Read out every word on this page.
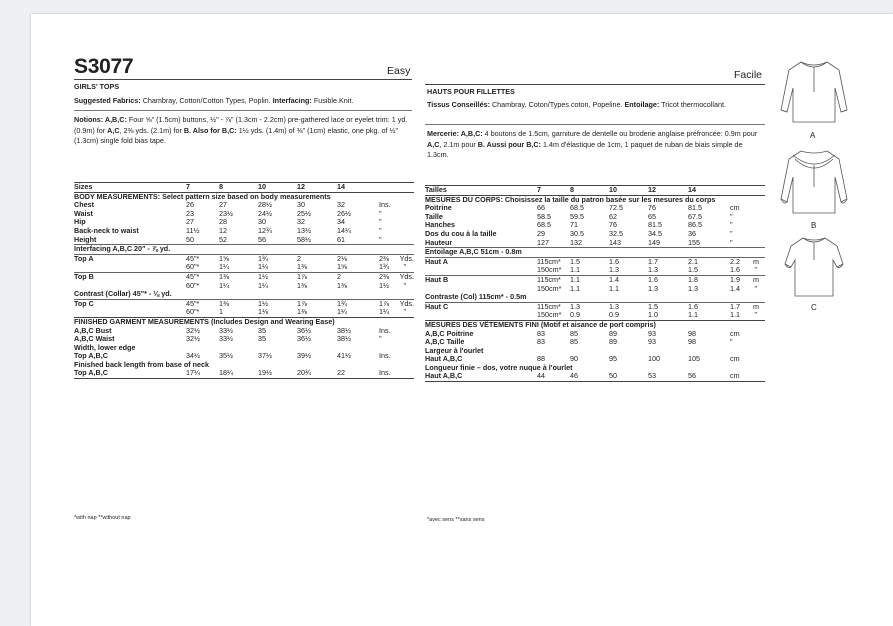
S3077	Easy
GIRLS' TOPS
Suggested Fabrics: Chambray, Cotton/Cotton Types, Poplin. Interfacing: Fusible Knit.
Notions: A,B,C: Four ⅝" (1.5cm) buttons, ½" - ⅞" (1.3cm - 2.2cm) pre-gathered lace or eyelet trim: 1 yd. (0.9m) for A,C, 2⅜ yds. (2.1m) for B. Also for B,C: 1½ yds. (1.4m) of ⅜" (1cm) elastic, one pkg. of ½" (1.3cm) single fold bias tape.
Sizes	7	8	10	12	14	
BODY MEASUREMENTS: Select pattern size based on body measurements						
Chest	26	27	28½	30	32	Ins.
Waist	23	23½	24½	25½	26½	"
Hip	27	28	30	32	34	"
Back-neck to waist	11½	12	12¾	13½	14¼	"
Height	50	52	56	58½	61	"
Interfacing A,B,C 20" - ⅞ yd.						
Top A	45"*	1⅝	1¾	2	2⅛	2⅜ Yds.

	60"*	1¼	1¼	1⅜	1⅝	1¾ "

Top B	45"*	1⅜	1½	1⅞	2	2⅜ Yds.

	60"*	1¼	1¼	1⅜	1⅜	1½ "

Contrast (Collar) 45"* - ⅛ yd.						
Top C	45"*	1⅜	1½	1⅞	1¾	1⅞ Yds.

	60"*	1	1⅛	1⅜	1¼	1¼ "

FINISHED GARMENT MEASUREMENTS (Includes Design and Wearing Ease)						
A,B,C Bust	32½	33½	35	36½	38½	Ins.
A,B,C Waist	32½	33½	35	36½	38½	"
Width, lower edge						
Top A,B,C	34½	35½	37½	39½	41½	Ins.
Finished back length from base of neck						
Top A,B,C	17¼	18¼	19½	20¾	22	Ins.
*with nap **without nap
Facile
HAUTS POUR FILLETTES
Tissus Conseillés: Chambray, Coton/Types coton, Popeline. Entoilage: Tricot thermocollant.
Mercerie: A,B,C: 4 boutons de 1.5cm, garniture de dentelle ou broderie anglaise préfroncée: 0.9m pour A,C, 2.1m pour B. Aussi pour B,C: 1.4m d'élastique de 1cm, 1 paquet de ruban de biais simple de 1.3cm.
Tailles	7	8	10	12	14	
MESURES DU CORPS: Choisissez la taille du patron basée sur les mesures du corps						
Poitrine	66	68.5	72.5	76	81.5	cm
Taille	58.5	59.5	62	65	67.5	"
Hanches	68.5	71	76	81.5	86.5	"
Dos du cou à la taille	29	30.5	32.5	34.5	36	"
Hauteur	127	132	143	149	155	"
Entoilage A,B,C 51cm - 0.8m						
Haut A	115cm*	1.5	1.6	1.7	2.1	2.2 m

	150cm*	1.1	1.3	1.3	1.5	1.6 "

Haut B	115cm*	1.1	1.4	1.6	1.8	1.9 m

	150cm*	1.1	1.1	1.3	1.3	1.4 "

Contraste (Col) 115cm* - 0.5m						
Haut C	115cm*	1.3	1.3	1.5	1.6	1.7 m

	150cm*	0.9	0.9	1.0	1.1	1.1 "

MESURES DES VÊTEMENTS FINI (Motif et aisance de port compris)						
A,B,C Poitrine	83	85	89	93	98	cm
A,B,C Taille	83	85	89	93	98	"
Largeur à l'ourlet						
Haut A,B,C	88	90	95	100	105	cm
Longueur finie – dos, votre nuque à l'ourlet						
Haut A,B,C	44	46	50	53	56	cm
*avec sens **sans sens
A
B
C
